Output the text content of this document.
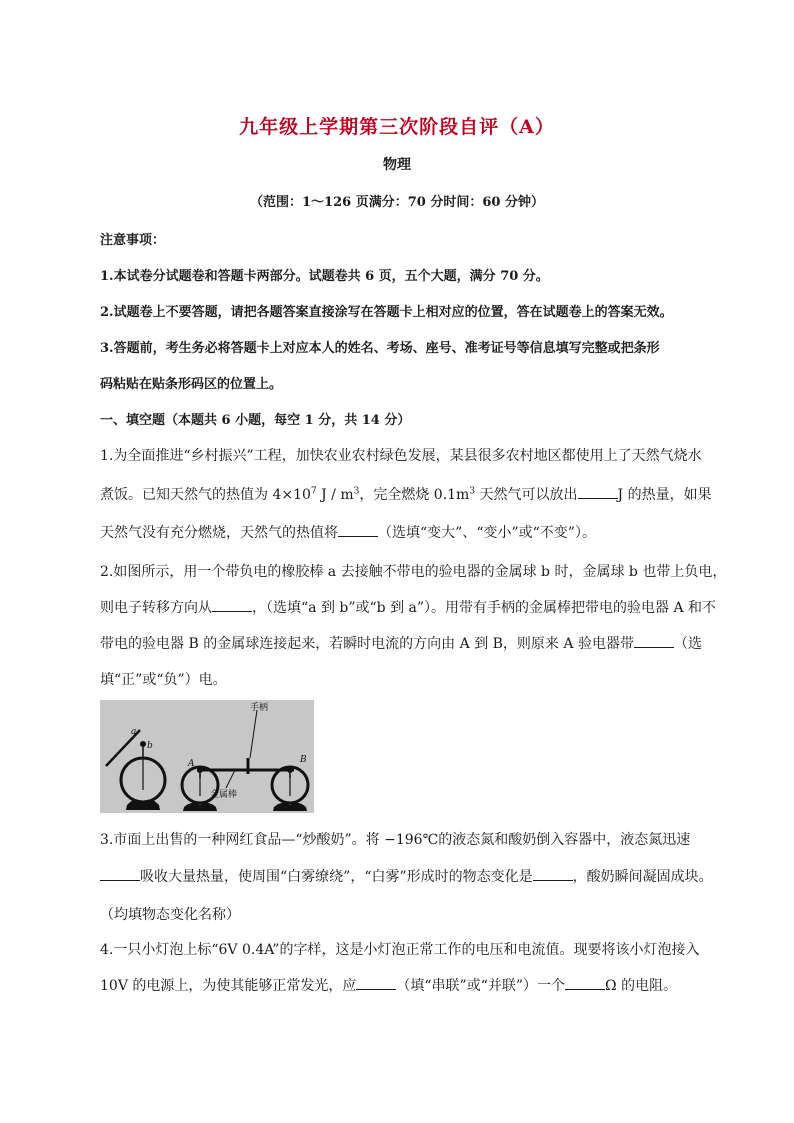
九年级上学期第三次阶段自评（A）
物理
（范围：1～126 页满分：70 分时间：60 分钟）
注意事项：
1.本试卷分试题卷和答题卡两部分。试题卷共 6 页，五个大题，满分 70 分。
2.试题卷上不要答题，请把各题答案直接涂写在答题卡上相对应的位置，答在试题卷上的答案无效。
3.答题前，考生务必将答题卡上对应本人的姓名、考场、座号、准考证号等信息填写完整或把条形
码粘贴在贴条形码区的位置上。
一、填空题（本题共 6 小题，每空 1 分，共 14 分）
1.为全面推进“乡村振兴”工程，加快农业农村绿色发展，某县很多农村地区都使用上了天然气烧水
煮饭。已知天然气的热值为 $4\times 10^7$ J / $m^3$，完全燃烧 $0.1m^3$ 天然气可以放出	J 的热量，如果
天然气没有充分燃烧，天然气的热值将	（选填“变大”、“变小”或“不变”）。
2.如图所示，用一个带负电的橡胶棒 a 去接触不带电的验电器的金属球 b 时，金属球 b 也带上负电，
则电子转移方向从	，（选填“a 到 b”或“b 到 a”）。用带有手柄的金属棒把带电的验电器 A 和不
带电的验电器 B 的金属球连接起来，若瞬时电流的方向由 A 到 B，则原来 A 验电器带	（选
填“正”或“负”）电。
a
b
手柄
金属棒
A	B
3.市面上出售的一种网红食品—“炒酸奶”。将 −196℃的液态氮和酸奶倒入容器中，液态氮迅速
吸收大量热量，使周围“白雾缭绕”，“白雾”形成时的物态变化是	，酸奶瞬间凝固成块。
（均填物态变化名称）
4.一只小灯泡上标“6V 0.4A”的字样，这是小灯泡正常工作的电压和电流值。现要将该小灯泡接入
10V 的电源上，为使其能够正常发光，应	（填“串联”或“并联”）一个	Ω 的电阻。
